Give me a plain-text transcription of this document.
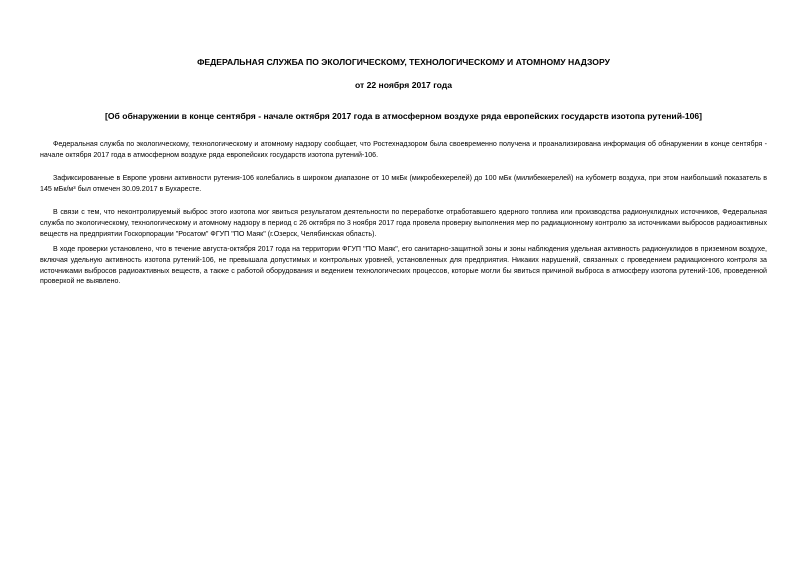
ФЕДЕРАЛЬНАЯ СЛУЖБА ПО ЭКОЛОГИЧЕСКОМУ, ТЕХНОЛОГИЧЕСКОМУ И АТОМНОМУ НАДЗОРУ
от 22 ноября 2017 года
[Об обнаружении в конце сентября - начале октября 2017 года в атмосферном воздухе ряда европейских государств изотопа рутений-106]

Федеральная служба по экологическому, технологическому и атомному надзору сообщает, что Ростехнадзором была своевременно получена и проанализирована информация об обнаружении в конце сентября - начале октября 2017 года в атмосферном воздухе ряда европейских государств изотопа рутений-106.

Зафиксированные в Европе уровни активности рутения-106 колебались в широком диапазоне от 10 мкБк (микробеккерелей) до 100 мБк (милибеккерелей) на кубометр воздуха, при этом наибольший показатель в 145 мБк/м³ был отмечен 30.09.2017 в Бухаресте.

В связи с тем, что неконтролируемый выброс этого изотопа мог явиться результатом деятельности по переработке отработавшего ядерного топлива или производства радионуклидных источников, Федеральная служба по экологическому, технологическому и атомному надзору в период с 26 октября по 3 ноября 2017 года провела проверку выполнения мер по радиационному контролю за источниками выбросов радиоактивных веществ на предприятии Госкорпорации "Росатом" ФГУП "ПО Маяк" (г.Озерск, Челябинская область).

В ходе проверки установлено, что в течение августа-октября 2017 года на территории ФГУП "ПО Маяк", его санитарно-защитной зоны и зоны наблюдения удельная активность радионуклидов в приземном воздухе, включая удельную активность изотопа рутений-106, не превышала допустимых и контрольных уровней, установленных для предприятия. Никаких нарушений, связанных с проведением радиационного контроля за источниками выбросов радиоактивных веществ, а также с работой оборудования и ведением технологических процессов, которые могли бы явиться причиной выброса в атмосферу изотопа рутений-106, проведенной проверкой не выявлено.
